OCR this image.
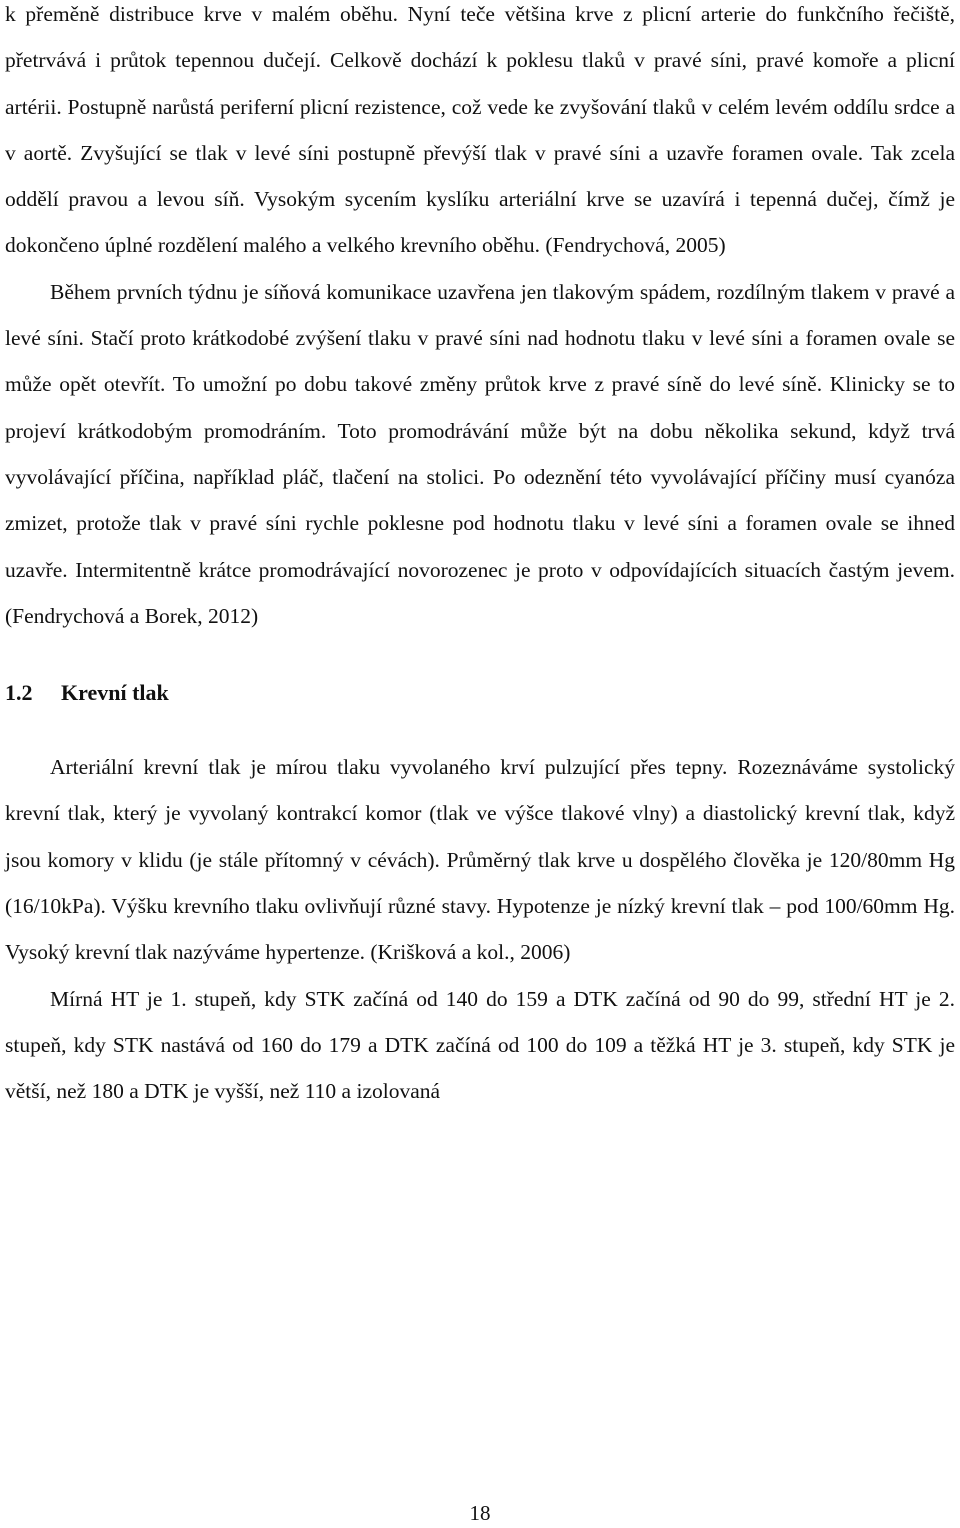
k přeměně distribuce krve v malém oběhu. Nyní teče většina krve z plicní arterie do funkčního řečiště, přetrvává i průtok tepennou dučejí. Celkově dochází k poklesu tlaků v pravé síni, pravé komoře a plicní artérii. Postupně narůstá periferní plicní rezistence, což vede ke zvyšování tlaků v celém levém oddílu srdce a v aortě. Zvyšující se tlak v levé síni postupně převýší tlak v pravé síni a uzavře foramen ovale. Tak zcela oddělí pravou a levou síň. Vysokým sycením kyslíku arteriální krve se uzavírá i tepenná dučej, čímž je dokončeno úplné rozdělení malého a velkého krevního oběhu. (Fendrychová, 2005)

Během prvních týdnu je síňová komunikace uzavřena jen tlakovým spádem, rozdílným tlakem v pravé a levé síni. Stačí proto krátkodobé zvýšení tlaku v pravé síni nad hodnotu tlaku v levé síni a foramen ovale se může opět otevřít. To umožní po dobu takové změny průtok krve z pravé síně do levé síně. Klinicky se to projeví krátkodobým promodráním. Toto promodrávání může být na dobu několika sekund, když trvá vyvolávající příčina, například pláč, tlačení na stolici. Po odeznění této vyvolávající příčiny musí cyanóza zmizet, protože tlak v pravé síni rychle poklesne pod hodnotu tlaku v levé síni a foramen ovale se ihned uzavře. Intermitentně krátce promodrávající novorozenec je proto v odpovídajících situacích častým jevem. (Fendrychová a Borek, 2012)

1.2 Krevní tlak

Arteriální krevní tlak je mírou tlaku vyvolaného krví pulzující přes tepny. Rozeznáváme systolický krevní tlak, který je vyvolaný kontrakcí komor (tlak ve výšce tlakové vlny) a diastolický krevní tlak, když jsou komory v klidu (je stále přítomný v cévách). Průměrný tlak krve u dospělého člověka je 120/80mm Hg (16/10kPa). Výšku krevního tlaku ovlivňují různé stavy. Hypotenze je nízký krevní tlak – pod 100/60mm Hg. Vysoký krevní tlak nazýváme hypertenze. (Krišková a kol., 2006)

Mírná HT je 1. stupeň, kdy STK začíná od 140 do 159 a DTK začíná od 90 do 99, střední HT je 2. stupeň, kdy STK nastává od 160 do 179 a DTK začíná od 100 do 109 a těžká HT je 3. stupeň, kdy STK je větší, než 180 a DTK je vyšší, než 110 a izolovaná

18
